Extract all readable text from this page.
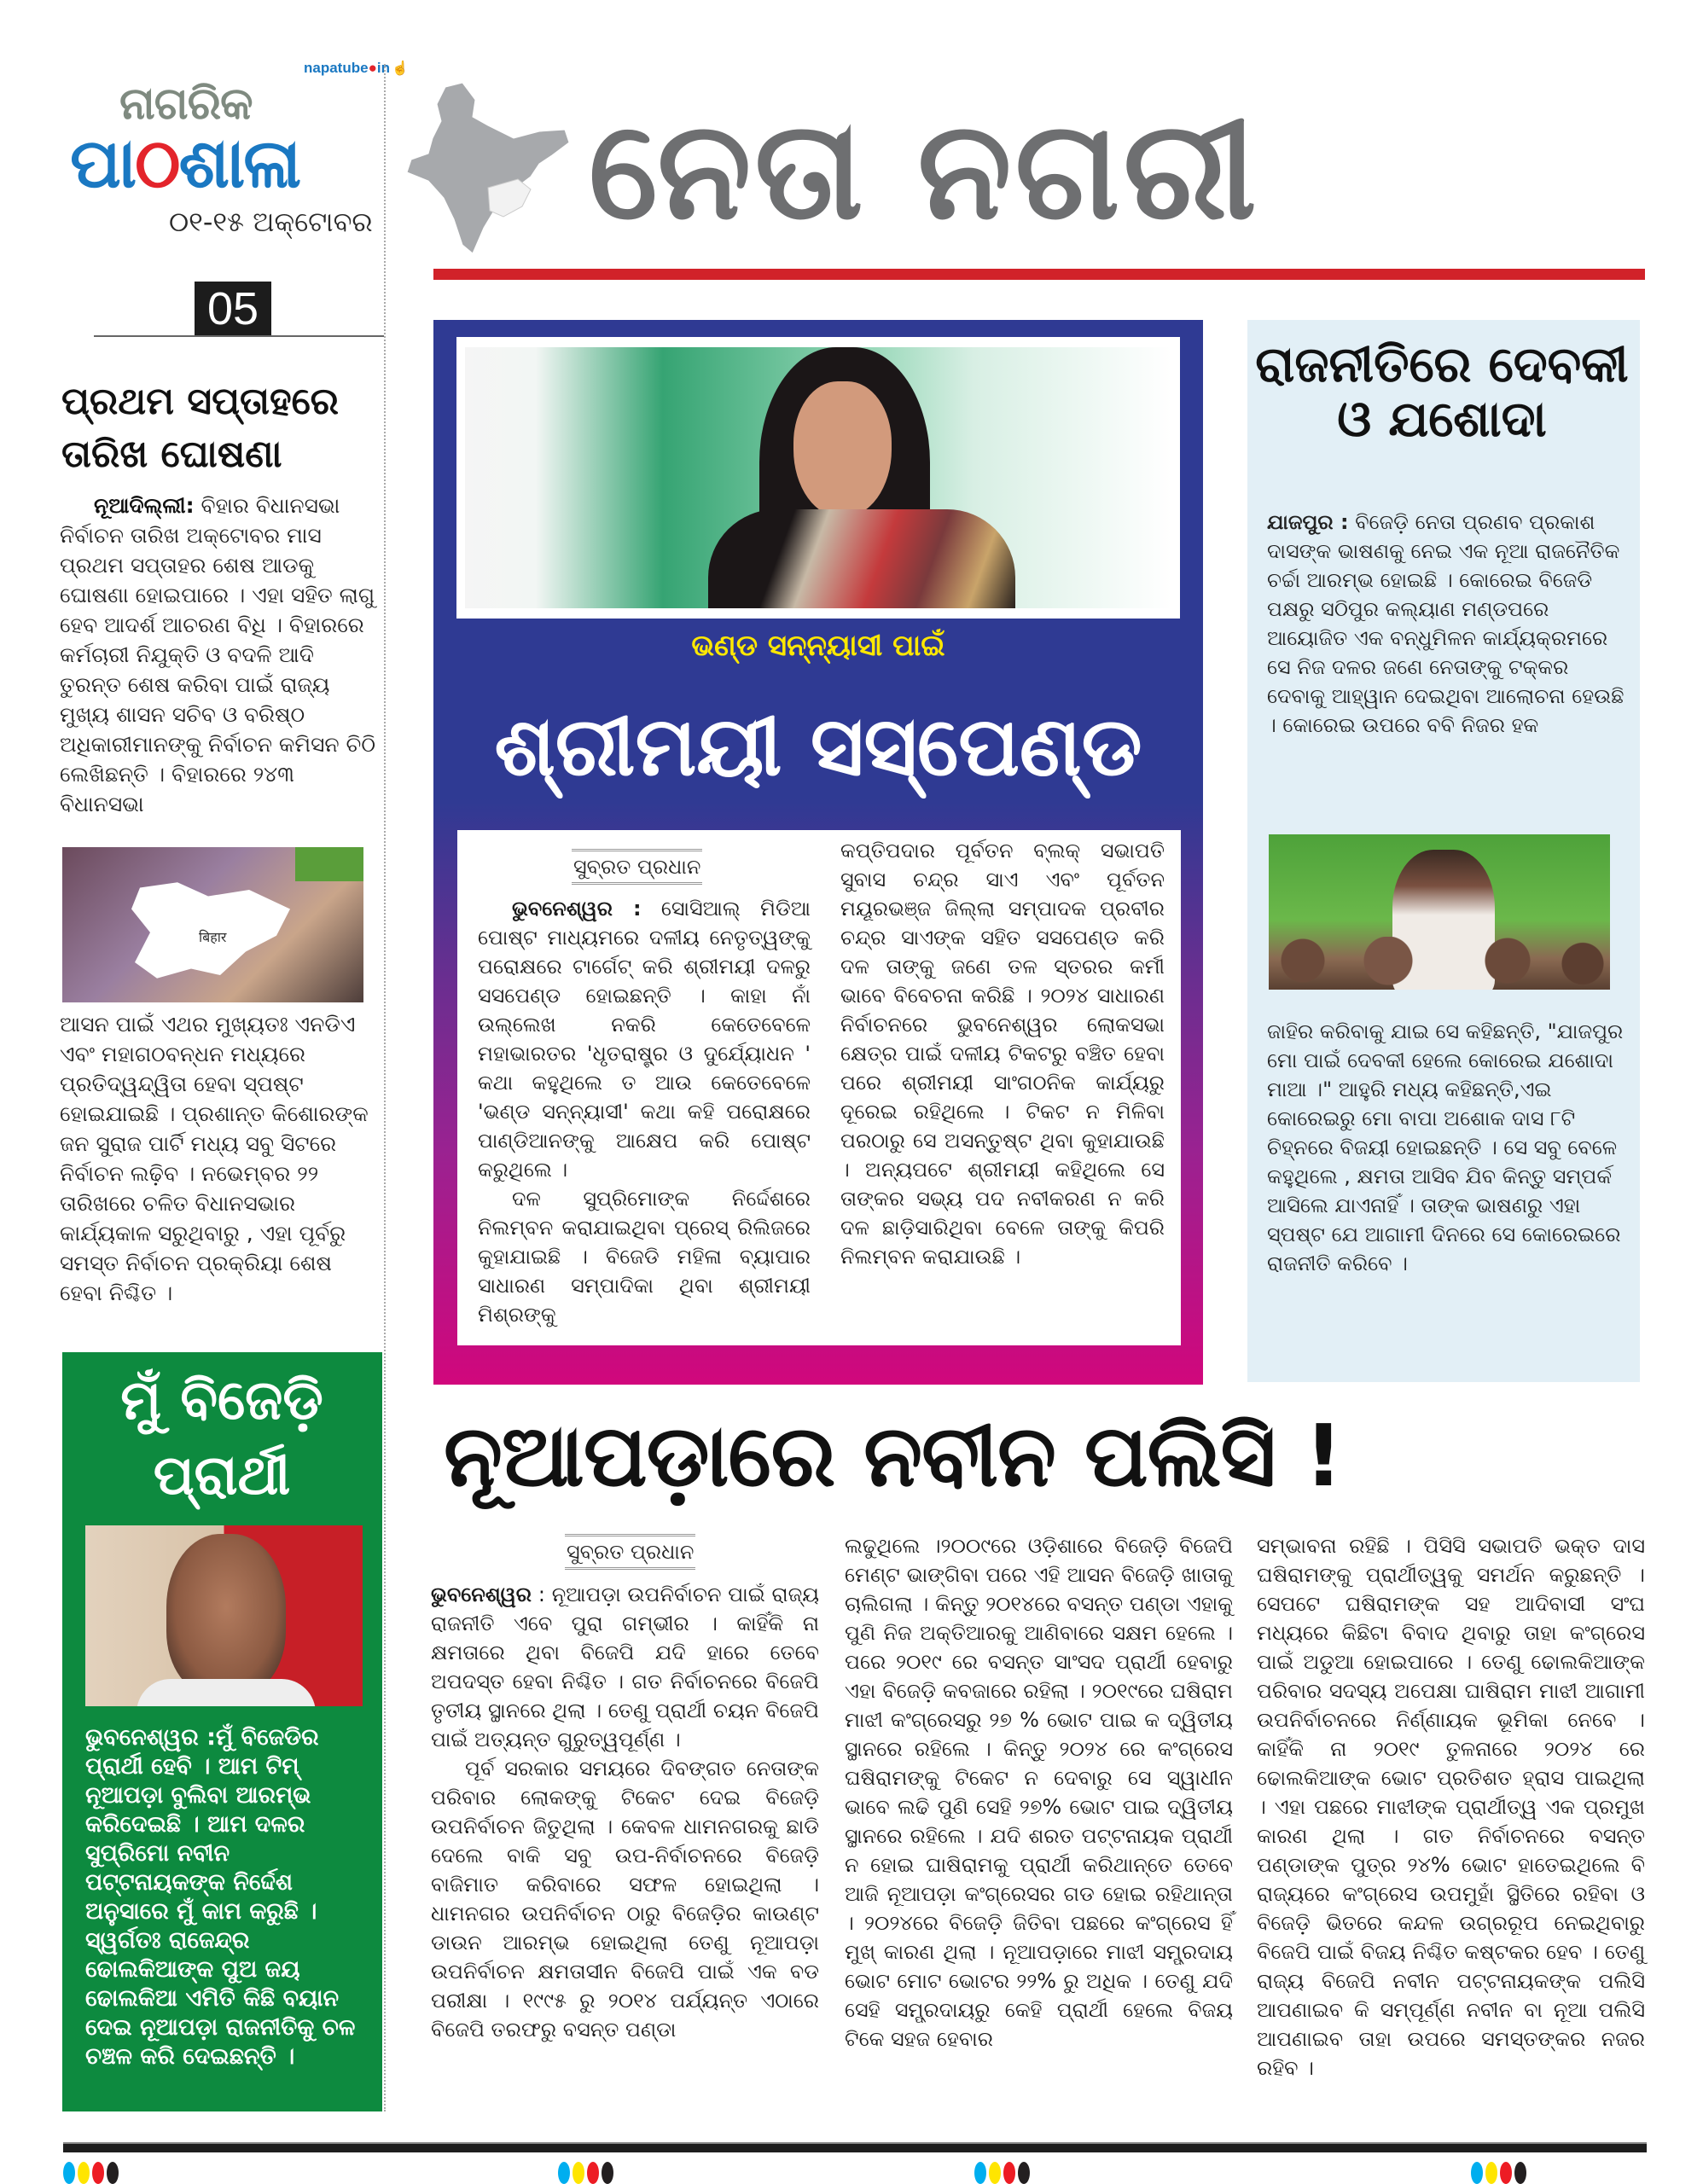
napatube●in ☝
ନାଗରିକ
ପାଠଶାଳା
୦୧-୧୫ ଅକ୍ଟୋବର
05
ନେତା ନଗରୀ
ପ୍ରଥମ ସପ୍ତାହରେ ତାରିଖ ଘୋଷଣା
ନୂଆଦିଲ୍ଲୀ: ବିହାର ବିଧାନସଭା ନିର୍ବାଚନ ତାରିଖ ଅକ୍ଟୋବର ମାସ ପ୍ରଥମ ସପ୍ତାହର ଶେଷ ଆଡକୁ ଘୋଷଣା ହୋଇପାରେ । ଏହା ସହିତ ଲାଗୁ ହେବ ଆଦର୍ଶ ଆଚରଣ ବିଧି । ବିହାରରେ କର୍ମଚାରୀ ନିଯୁକ୍ତି ଓ ବଦଳି ଆଦି ତୁରନ୍ତ ଶେଷ କରିବା ପାଇଁ ରାଜ୍ୟ ମୁଖ୍ୟ ଶାସନ ସଚିବ ଓ ବରିଷ୍ଠ ଅଧିକାରୀମାନଙ୍କୁ ନିର୍ବାଚନ କମିସନ ଚିଠି ଲେଖିଛନ୍ତି । ବିହାରରେ ୨୪୩ ବିଧାନସଭା
बिहार
ଆସନ ପାଇଁ ଏଥର ମୁଖ୍ୟତଃ ଏନଡିଏ ଏବଂ ମହାଗଠବନ୍ଧନ ମଧ୍ୟରେ ପ୍ରତିଦ୍ୱନ୍ଦ୍ୱିତା ହେବା ସ୍ପଷ୍ଟ ହୋଇଯାଇଛି । ପ୍ରଶାନ୍ତ କିଶୋରଙ୍କ ଜନ ସୁରାଜ ପାର୍ଟି ମଧ୍ୟ ସବୁ ସିଟରେ ନିର୍ବାଚନ ଲଢ଼ିବ । ନଭେମ୍ବର ୨୨ ତାରିଖରେ ଚଳିତ ବିଧାନସଭାର କାର୍ଯ୍ୟକାଳ ସରୁଥିବାରୁ , ଏହା ପୂର୍ବରୁ ସମସ୍ତ ନିର୍ବାଚନ ପ୍ରକ୍ରିୟା ଶେଷ ହେବା ନିଶ୍ଚିତ ।
ମୁଁ ବିଜେଡ଼ି ପ୍ରାର୍ଥୀ
ଭୁବନେଶ୍ୱର :ମୁଁ ବିଜେଡିର ପ୍ରାର୍ଥୀ ହେବି । ଆମ ଟିମ୍ ନୂଆପଡ଼ା ବୁଲିବା ଆରମ୍ଭ କରିଦେଇଛି । ଆମ ଦଳର ସୁପ୍ରିମୋ ନବୀନ ପଟ୍ଟନାୟକଙ୍କ ନିର୍ଦ୍ଦେଶ ଅନୁସାରେ ମୁଁ କାମ କରୁଛି । ସ୍ୱର୍ଗତଃ ରାଜେନ୍ଦ୍ର ଢୋଲକିଆଙ୍କ ପୁଅ ଜୟ ଢୋଲକିଆ ଏମିତି କିଛି ବୟାନ ଦେଇ ନୂଆପଡ଼ା ରାଜନୀତିକୁ ଚଳ ଚଞ୍ଚଳ କରି ଦେଇଛନ୍ତି ।
ଭଣ୍ଡ ସନ୍ନ୍ୟାସୀ ପାଇଁ
ଶ୍ରୀମୟୀ ସସ୍ପେଣ୍ଡ
ସୁବ୍ରତ ପ୍ରଧାନ

ଭୁବନେଶ୍ୱର : ସୋସିଆଲ୍ ମିଡିଆ ପୋଷ୍ଟ ମାଧ୍ୟମରେ ଦଳୀୟ ନେତୃତ୍ୱଙ୍କୁ ପରୋକ୍ଷରେ ଟାର୍ଗେଟ୍ କରି ଶ୍ରୀମୟୀ ଦଳରୁ ସସପେଣ୍ଡ ହୋଇଛନ୍ତି । କାହା ନାଁ ଉଲ୍ଲେଖ ନକରି କେତେବେଳେ ମହାଭାରତର 'ଧୃତରାଷ୍ଟ୍ର ଓ ଦୁର୍ଯ୍ୟୋଧନ ' କଥା କହୁଥିଲେ ତ ଆଉ କେତେବେଳେ 'ଭଣ୍ଡ ସନ୍ନ୍ୟାସୀ' କଥା କହି ପରୋକ୍ଷରେ ପାଣ୍ଡିଆନଙ୍କୁ ଆକ୍ଷେପ କରି ପୋଷ୍ଟ କରୁଥିଲେ ।

ଦଳ ସୁପ୍ରିମୋଙ୍କ ନିର୍ଦ୍ଦେଶରେ ନିଲମ୍ବନ କରାଯାଇଥିବା ପ୍ରେସ୍ ରିଲିଜରେ କୁହାଯାଇଛି । ବିଜେଡି ମହିଳା ବ୍ୟାପାର ସାଧାରଣ ସମ୍ପାଦିକା ଥିବା ଶ୍ରୀମୟୀ ମିଶ୍ରଙ୍କୁ

କପ୍ତିପଦାର ପୂର୍ବତନ ବ୍ଲକ୍ ସଭାପତି ସୁବାସ ଚନ୍ଦ୍ର ସାଏ ଏବଂ ପୂର୍ବତନ ମୟୂରଭଞ୍ଜ ଜିଲ୍ଲା ସମ୍ପାଦକ ପ୍ରବୀର ଚନ୍ଦ୍ର ସାଏଙ୍କ ସହିତ ସସପେଣ୍ଡ କରି ଦଳ ତାଙ୍କୁ ଜଣେ ତଳ ସ୍ତରର କର୍ମୀ ଭାବେ ବିବେଚନା କରିଛି । ୨୦୨୪ ସାଧାରଣ ନିର୍ବାଚନରେ ଭୁବନେଶ୍ୱର ଲୋକସଭା କ୍ଷେତ୍ର ପାଇଁ ଦଳୀୟ ଟିକଟରୁ ବଞ୍ଚିତ ହେବା ପରେ ଶ୍ରୀମୟୀ ସାଂଗଠନିକ କାର୍ଯ୍ୟରୁ ଦୂରେଇ ରହିଥିଲେ । ଟିକଟ ନ ମିଳିବା ପରଠାରୁ ସେ ଅସନ୍ତୁଷ୍ଟ ଥିବା କୁହାଯାଉଛି । ଅନ୍ୟପଟେ ଶ୍ରୀମୟୀ କହିଥିଲେ ସେ ତାଙ୍କର ସଭ୍ୟ ପଦ ନବୀକରଣ ନ କରି ଦଳ ଛାଡ଼ିସାରିଥିବା ବେଳେ ତାଙ୍କୁ କିପରି ନିଲମ୍ବନ କରାଯାଉଛି ।
ରାଜନୀତିରେ ଦେବକୀ ଓ ଯଶୋଦା
ଯାଜପୁର : ବିଜେଡ଼ି ନେତା ପ୍ରଣବ ପ୍ରକାଶ ଦାସଙ୍କ ଭାଷଣକୁ ନେଇ ଏକ ନୂଆ ରାଜନୈତିକ ଚର୍ଚ୍ଚା ଆରମ୍ଭ ହୋଇଛି । କୋରେଇ ବିଜେଡି ପକ୍ଷରୁ ସଠିପୁର କଲ୍ୟାଣ ମଣ୍ଡପରେ ଆୟୋଜିତ ଏକ ବନ୍ଧୁମିଳନ କାର୍ଯ୍ୟକ୍ରମରେ ସେ ନିଜ ଦଳର ଜଣେ ନେତାଙ୍କୁ ଟକ୍କର ଦେବାକୁ ଆହ୍ୱାନ ଦେଇଥିବା ଆଲୋଚନା ହେଉଛି । କୋରେଇ ଉପରେ ବବି ନିଜର ହକ
ଜାହିର କରିବାକୁ ଯାଇ ସେ କହିଛନ୍ତି, "ଯାଜପୁର ମୋ ପାଇଁ ଦେବକୀ ହେଲେ କୋରେଇ ଯଶୋଦା ମାଆ ।" ଆହୁରି ମଧ୍ୟ କହିଛନ୍ତି,ଏଇ କୋରେଇରୁ ମୋ ବାପା ଅଶୋକ ଦାସ ୮ଟି ଚିହ୍ନରେ ବିଜୟୀ ହୋଇଛନ୍ତି । ସେ ସବୁ ବେଳେ କହୁଥିଲେ , କ୍ଷମତା ଆସିବ ଯିବ କିନ୍ତୁ ସମ୍ପର୍କ ଆସିଲେ ଯାଏନାହିଁ । ତାଙ୍କ ଭାଷଣରୁ ଏହା ସ୍ପଷ୍ଟ ଯେ ଆଗାମୀ ଦିନରେ ସେ କୋରେଇରେ ରାଜନୀତି କରିବେ ।
ନୂଆପଡ଼ାରେ ନବୀନ ପଲିସି !
ସୁବ୍ରତ ପ୍ରଧାନ

ଭୁବନେଶ୍ୱର : ନୂଆପଡ଼ା ଉପନିର୍ବାଚନ ପାଇଁ ରାଜ୍ୟ ରାଜନୀତି ଏବେ ପୁରା ଗମ୍ଭୀର । କାହିଁକି ନା କ୍ଷମତାରେ ଥିବା ବିଜେପି ଯଦି ହାରେ ତେବେ ଅପଦସ୍ତ ହେବା ନିଶ୍ଚିତ । ଗତ ନିର୍ବାଚନରେ ବିଜେପି ତୃତୀୟ ସ୍ଥାନରେ ଥିଲା । ତେଣୁ ପ୍ରାର୍ଥୀ ଚୟନ ବିଜେପି ପାଇଁ ଅତ୍ୟନ୍ତ ଗୁରୁତ୍ୱପୂର୍ଣ୍ଣ ।

ପୂର୍ବ ସରକାର ସମୟରେ ଦିବଙ୍ଗତ ନେତାଙ୍କ ପରିବାର ଲୋକଙ୍କୁ ଟିକେଟ ଦେଇ ବିଜେଡ଼ି ଉପନିର୍ବାଚନ ଜିତୁଥିଲା । କେବଳ ଧାମନଗରକୁ ଛାଡି ଦେଲେ ବାକି ସବୁ ଉପ-ନିର୍ବାଚନରେ ବିଜେଡ଼ି ବାଜିମାତ କରିବାରେ ସଫଳ ହୋଇଥିଲା । ଧାମନଗର ଉପନିର୍ବାଚନ ଠାରୁ ବିଜେଡ଼ିର କାଉଣ୍ଟ ଡାଉନ ଆରମ୍ଭ ହୋଇଥିଲା ତେଣୁ ନୂଆପଡ଼ା ଉପନିର୍ବାଚନ କ୍ଷମତାସୀନ ବିଜେପି ପାଇଁ ଏକ ବଡ ପରୀକ୍ଷା । ୧୯୯୫ ରୁ ୨୦୧୪ ପର୍ଯ୍ୟନ୍ତ ଏଠାରେ ବିଜେପି ତରଫରୁ ବସନ୍ତ ପଣ୍ଡା

ଲଢୁଥିଲେ ।୨୦୦୯ରେ ଓଡ଼ିଶାରେ ବିଜେଡ଼ି ବିଜେପି ମେଣ୍ଟ ଭାଙ୍ଗିବା ପରେ ଏହି ଆସନ ବିଜେଡ଼ି ଖାତାକୁ ଚାଲିଗଲା । କିନ୍ତୁ ୨୦୧୪ରେ ବସନ୍ତ ପଣ୍ଡା ଏହାକୁ ପୁଣି ନିଜ ଅକ୍ତିଆରକୁ ଆଣିବାରେ ସକ୍ଷମ ହେଲେ । ପରେ ୨୦୧୯ ରେ ବସନ୍ତ ସାଂସଦ ପ୍ରାର୍ଥୀ ହେବାରୁ ଏହା ବିଜେଡ଼ି କବଜାରେ ରହିଲା । ୨୦୧୯ରେ ଘଷିରାମ ମାଝୀ କଂଗ୍ରେସରୁ ୨୭ % ଭୋଟ ପାଇ କ ଦ୍ୱିତୀୟ ସ୍ଥାନରେ ରହିଲେ । କିନ୍ତୁ ୨୦୨୪ ରେ କଂଗ୍ରେସ ଘଷିରାମଙ୍କୁ ଟିକେଟ ନ ଦେବାରୁ ସେ ସ୍ୱାଧୀନ ଭାବେ ଲଢି ପୁଣି ସେହି ୨୭% ଭୋଟ ପାଇ ଦ୍ୱିତୀୟ ସ୍ଥାନରେ ରହିଲେ । ଯଦି ଶରତ ପଟ୍ଟନାୟକ ପ୍ରାର୍ଥୀ ନ ହୋଇ ଘାଷିରାମକୁ ପ୍ରାର୍ଥୀ କରିଥାନ୍ତେ ତେବେ ଆଜି ନୂଆପଡ଼ା କଂଗ୍ରେସର ଗଡ ହୋଇ ରହିଥାନ୍ତା । ୨୦୨୪ରେ ବିଜେଡ଼ି ଜିତିବା ପଛରେ କଂଗ୍ରେସ ହିଁ ମୁଖ୍ କାରଣ ଥିଲା । ନୂଆପଡ଼ାରେ ମାଝୀ ସମ୍ପ୍ରଦାୟ ଭୋଟ ମୋଟ ଭୋଟର ୨୨% ରୁ ଅଧିକ । ତେଣୁ ଯଦି ସେହି ସମ୍ପ୍ରଦାୟରୁ କେହି ପ୍ରାର୍ଥୀ ହେଲେ ବିଜୟ ଟିକେ ସହଜ ହେବାର
ସମ୍ଭାବନା ରହିଛି । ପିସିସି ସଭାପତି ଭକ୍ତ ଦାସ ଘଷିରାମଙ୍କୁ ପ୍ରାର୍ଥୀତ୍ୱକୁ ସମର୍ଥନ କରୁଛନ୍ତି । ସେପଟେ ଘଷିରାମଙ୍କ ସହ ଆଦିବାସୀ ସଂଘ ମଧ୍ୟରେ କିଛିଟା ବିବାଦ ଥିବାରୁ ତାହା କଂଗ୍ରେସ ପାଇଁ ଅଡୁଆ ହୋଇପାରେ । ତେଣୁ ଢୋଲକିଆଙ୍କ ପରିବାର ସଦସ୍ୟ ଅପେକ୍ଷା ଘାଷିରାମ ମାଝୀ ଆଗାମୀ ଉପନିର୍ବାଚନରେ ନିର୍ଣ୍ଣାୟକ ଭୂମିକା ନେବେ । କାହିଁକି ନା ୨୦୧୯ ତୁଳନାରେ ୨୦୨୪ ରେ ଢୋଲକିଆଙ୍କ ଭୋଟ ପ୍ରତିଶତ ହ୍ରାସ ପାଇଥିଲା । ଏହା ପଛରେ ମାଝୀଙ୍କ ପ୍ରାର୍ଥୀତ୍ୱ ଏକ ପ୍ରମୁଖ କାରଣ ଥିଲା । ଗତ ନିର୍ବାଚନରେ ବସନ୍ତ ପଣ୍ଡାଙ୍କ ପୁତ୍ର ୨୪% ଭୋଟ ହାତେଇଥିଲେ ବି ରାଜ୍ୟରେ କଂଗ୍ରେସ ଉପମୁହାଁ ସ୍ଥିତିରେ ରହିବା ଓ ବିଜେଡ଼ି ଭିତରେ କନ୍ଦଳ ଉଗ୍ରରୂପ ନେଇଥିବାରୁ ବିଜେପି ପାଇଁ ବିଜୟ ନିଶ୍ଚିତ କଷ୍ଟକର ହେବ । ତେଣୁ ରାଜ୍ୟ ବିଜେପି ନବୀନ ପଟ୍ଟନାୟକଙ୍କ ପଲିସି ଆପଣାଇବ କି ସମ୍ପୂର୍ଣ୍ଣ ନବୀନ ବା ନୂଆ ପଲିସି ଆପଣାଇବ ତାହା ଉପରେ ସମସ୍ତଙ୍କର ନଜର ରହିବ ।
